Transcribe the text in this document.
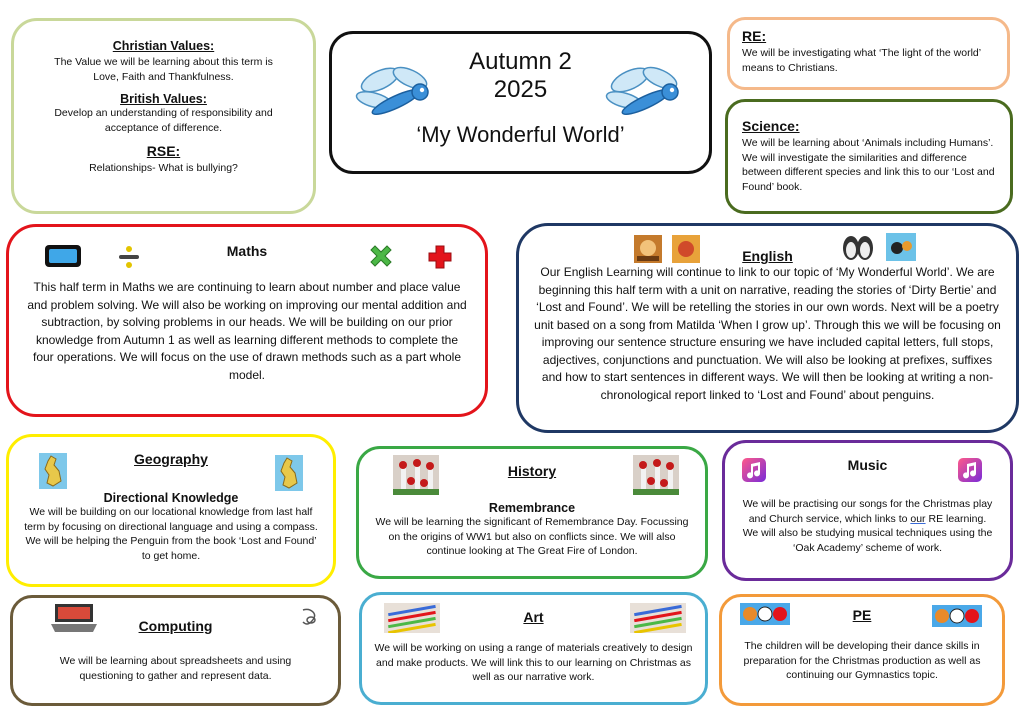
Christian Values:
The Value we will be learning about this term is Love, Faith and Thankfulness.
British Values:
Develop an understanding of responsibility and acceptance of difference.
RSE:
Relationships- What is bullying?
Autumn 2
2025
‘My Wonderful World’
RE:
We will be investigating what ‘The light of the world’ means to Christians.
Science:
We will be learning about ‘Animals including Humans’. We will investigate the similarities and difference between different species and link this to our ‘Lost and Found’ book.
Maths
This half term in Maths we are continuing to learn about number and place value and problem solving. We will also be working on improving our mental addition and subtraction, by solving problems in our heads. We will be building on our prior knowledge from Autumn 1 as well as learning different methods to complete the four operations. We will focus on the use of drawn methods such as a part whole model.
English
Our English Learning will continue to link to our topic of ‘My Wonderful World’. We are beginning this half term with a unit on narrative, reading the stories of ‘Dirty Bertie’ and ‘Lost and Found’. We will be retelling the stories in our own words. Next will be a poetry unit based on a song from Matilda ‘When I grow up’. Through this we will be focusing on improving our sentence structure ensuring we have included capital letters, full stops, adjectives, conjunctions and punctuation. We will also be looking at prefixes, suffixes and how to start sentences in different ways. We will then be looking at writing a non-chronological report linked to ‘Lost and Found’ about penguins.
Geography
Directional Knowledge
We will be building on our locational knowledge from last half term by focusing on directional language and using a compass. We will be helping the Penguin from the book ‘Lost and Found’ to get home.
History
Remembrance
We will be learning the significant of Remembrance Day. Focussing on the origins of WW1 but also on conflicts since. We will also continue looking at The Great Fire of London.
Music
We will be practising our songs for the Christmas play and Church service, which links to our RE learning. We will also be studying musical techniques using the ‘Oak Academy’ scheme of work.
Computing
We will be learning about spreadsheets and using questioning to gather and represent data.
Art
We will be working on using a range of materials creatively to design and make products. We will link this to our learning on Christmas as well as our narrative work.
PE
The children will be developing their dance skills in preparation for the Christmas production as well as continuing our Gymnastics topic.
